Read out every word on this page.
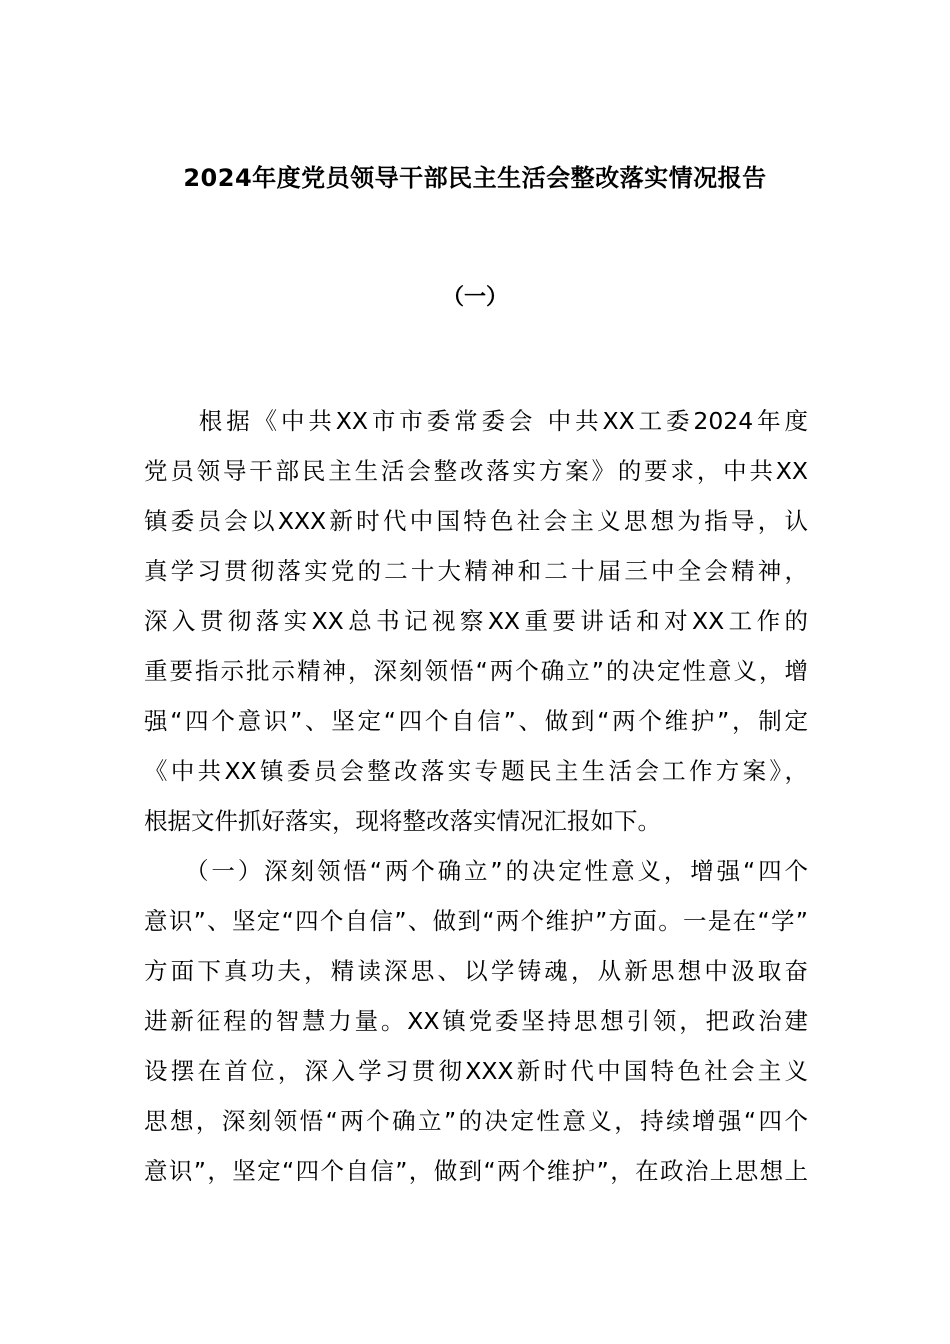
2024年度党员领导干部民主生活会整改落实情况报告
（一）
　　根据《中共XX市市委常委会 中共XX工委2024年度
党员领导干部民主生活会整改落实方案》的要求，中共XX
镇委员会以XXX新时代中国特色社会主义思想为指导，认
真学习贯彻落实党的二十大精神和二十届三中全会精神，
深入贯彻落实XX总书记视察XX重要讲话和对XX工作的
重要指示批示精神，深刻领悟“两个确立”的决定性意义，增
强“四个意识”、坚定“四个自信”、做到“两个维护”，制定
《中共XX镇委员会整改落实专题民主生活会工作方案》，
根据文件抓好落实，现将整改落实情况汇报如下。
　　（一）深刻领悟“两个确立”的决定性意义，增强“四个
意识”、坚定“四个自信”、做到“两个维护”方面。一是在“学”
方面下真功夫，精读深思、以学铸魂，从新思想中汲取奋
进新征程的智慧力量。XX镇党委坚持思想引领，把政治建
设摆在首位，深入学习贯彻XXX新时代中国特色社会主义
思想，深刻领悟“两个确立”的决定性意义，持续增强“四个
意识”，坚定“四个自信”，做到“两个维护”，在政治上思想上
